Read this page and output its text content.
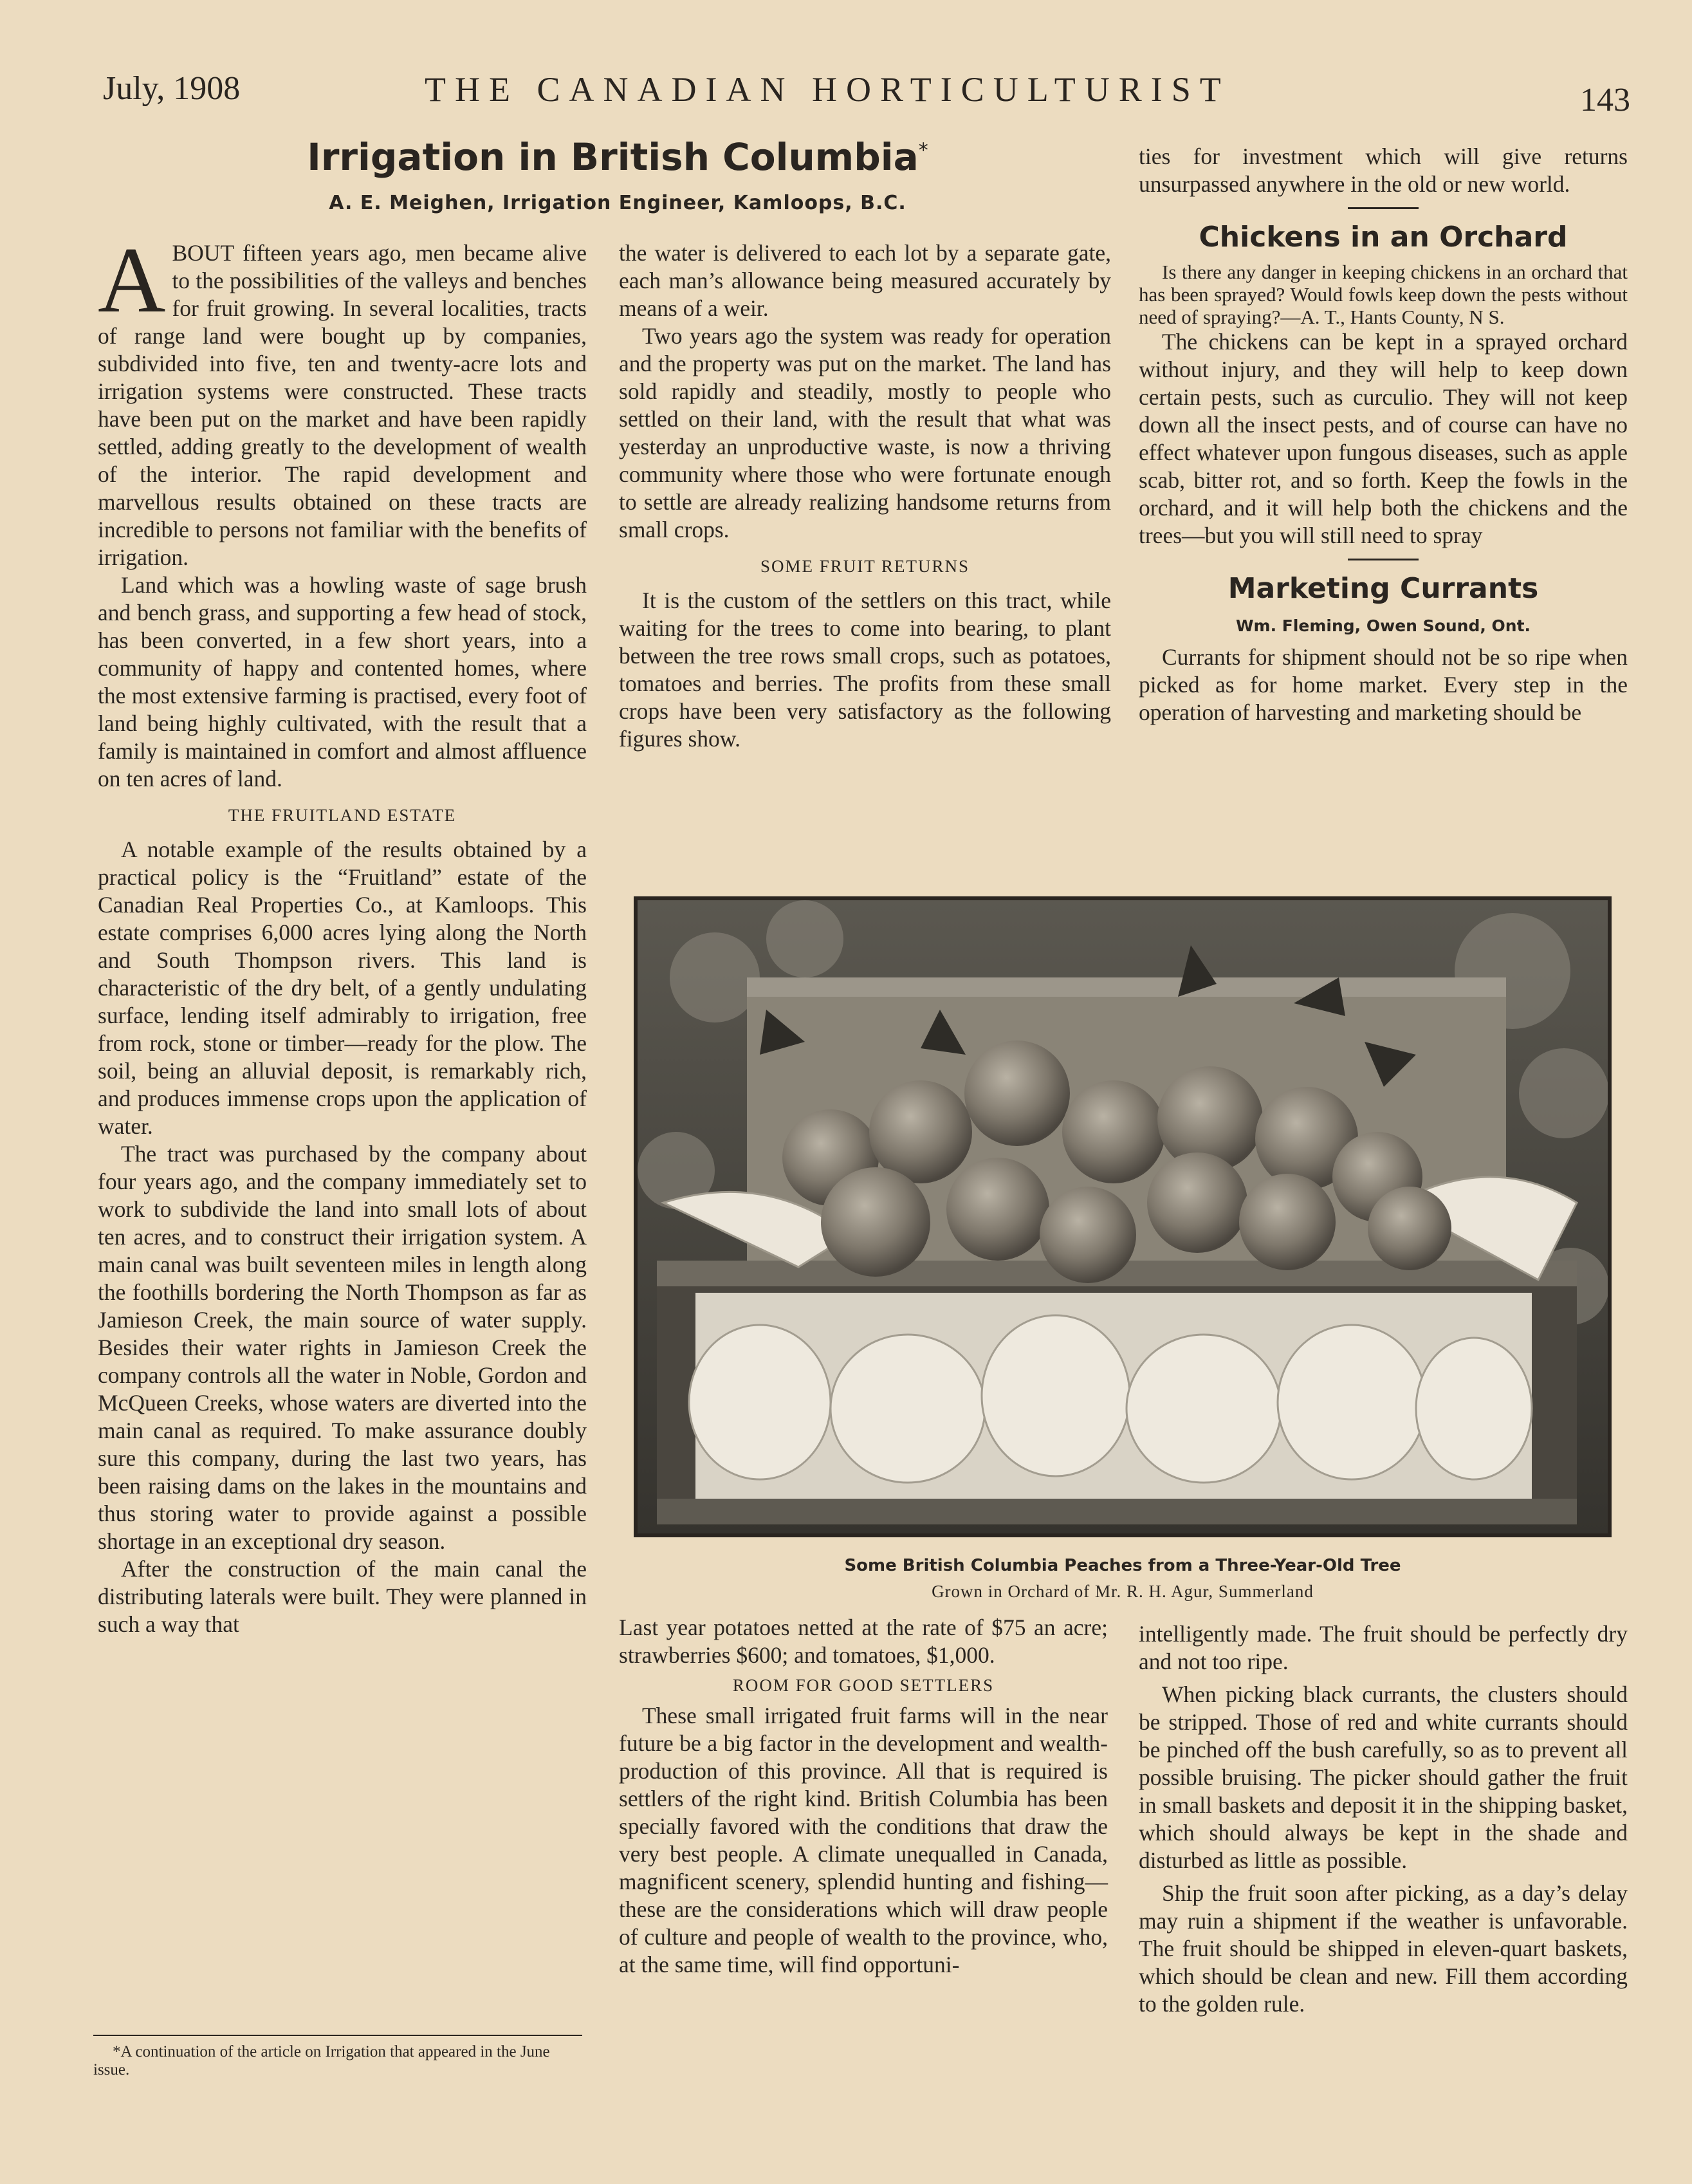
July, 1908	THE CANADIAN HORTICULTURIST	143
Irrigation in British Columbia*
A. E. Meighen, Irrigation Engineer, Kamloops, B.C.

ABOUT fifteen years ago, men became alive to the possibilities of the valleys and benches for fruit growing. In several localities, tracts of range land were bought up by companies, subdivided into five, ten and twenty-acre lots and irrigation systems were constructed. These tracts have been put on the market and have been rapidly settled, adding greatly to the development of wealth of the interior. The rapid development and marvellous results obtained on these tracts are incredible to persons not familiar with the benefits of irrigation.

Land which was a howling waste of sage brush and bench grass, and supporting a few head of stock, has been converted, in a few short years, into a community of happy and contented homes, where the most extensive farming is practised, every foot of land being highly cultivated, with the result that a family is maintained in comfort and almost affluence on ten acres of land.

THE FRUITLAND ESTATE

A notable example of the results obtained by a practical policy is the “Fruitland” estate of the Canadian Real Properties Co., at Kamloops. This estate comprises 6,000 acres lying along the North and South Thompson rivers. This land is characteristic of the dry belt, of a gently undulating surface, lending itself admirably to irrigation, free from rock, stone or timber—ready for the plow. The soil, being an alluvial deposit, is remarkably rich, and produces immense crops upon the application of water.

The tract was purchased by the company about four years ago, and the company immediately set to work to subdivide the land into small lots of about ten acres, and to construct their irrigation system. A main canal was built seventeen miles in length along the foothills bordering the North Thompson as far as Jamieson Creek, the main source of water supply. Besides their water rights in Jamieson Creek the company controls all the water in Noble, Gordon and McQueen Creeks, whose waters are diverted into the main canal as required. To make assurance doubly sure this company, during the last two years, has been raising dams on the lakes in the mountains and thus storing water to provide against a possible shortage in an exceptional dry season.

After the construction of the main canal the distributing laterals were built. They were planned in such a way that

*A continuation of the article on Irrigation that appeared in the June issue.

the water is delivered to each lot by a separate gate, each man’s allowance being measured accurately by means of a weir.

Two years ago the system was ready for operation and the property was put on the market. The land has sold rapidly and steadily, mostly to people who settled on their land, with the result that what was yesterday an unproductive waste, is now a thriving community where those who were fortunate enough to settle are already realizing handsome returns from small crops.

SOME FRUIT RETURNS

It is the custom of the settlers on this tract, while waiting for the trees to come into bearing, to plant between the tree rows small crops, such as potatoes, tomatoes and berries. The profits from these small crops have been very satisfactory as the following figures show.

ties for investment which will give returns unsurpassed anywhere in the old or new world.

Chickens in an Orchard

Is there any danger in keeping chickens in an orchard that has been sprayed? Would fowls keep down the pests without need of spraying?—A. T., Hants County, N S.

The chickens can be kept in a sprayed orchard without injury, and they will help to keep down certain pests, such as curculio. They will not keep down all the insect pests, and of course can have no effect whatever upon fungous diseases, such as apple scab, bitter rot, and so forth. Keep the fowls in the orchard, and it will help both the chickens and the trees—but you will still need to spray

Marketing Currants
Wm. Fleming, Owen Sound, Ont.

Currants for shipment should not be so ripe when picked as for home market. Every step in the operation of harvesting and marketing should be

Some British Columbia Peaches from a Three-Year-Old Tree
Grown in Orchard of Mr. R. H. Agur, Summerland

Last year potatoes netted at the rate of $75 an acre; strawberries $600; and tomatoes, $1,000.

ROOM FOR GOOD SETTLERS

These small irrigated fruit farms will in the near future be a big factor in the development and wealth-production of this province. All that is required is settlers of the right kind. British Columbia has been specially favored with the conditions that draw the very best people. A climate unequalled in Canada, magnificent scenery, splendid hunting and fishing—these are the considerations which will draw people of culture and people of wealth to the province, who, at the same time, will find opportuni-

intelligently made. The fruit should be perfectly dry and not too ripe.

When picking black currants, the clusters should be stripped. Those of red and white currants should be pinched off the bush carefully, so as to prevent all possible bruising. The picker should gather the fruit in small baskets and deposit it in the shipping basket, which should always be kept in the shade and disturbed as little as possible.

Ship the fruit soon after picking, as a day’s delay may ruin a shipment if the weather is unfavorable. The fruit should be shipped in eleven-quart baskets, which should be clean and new. Fill them according to the golden rule.
